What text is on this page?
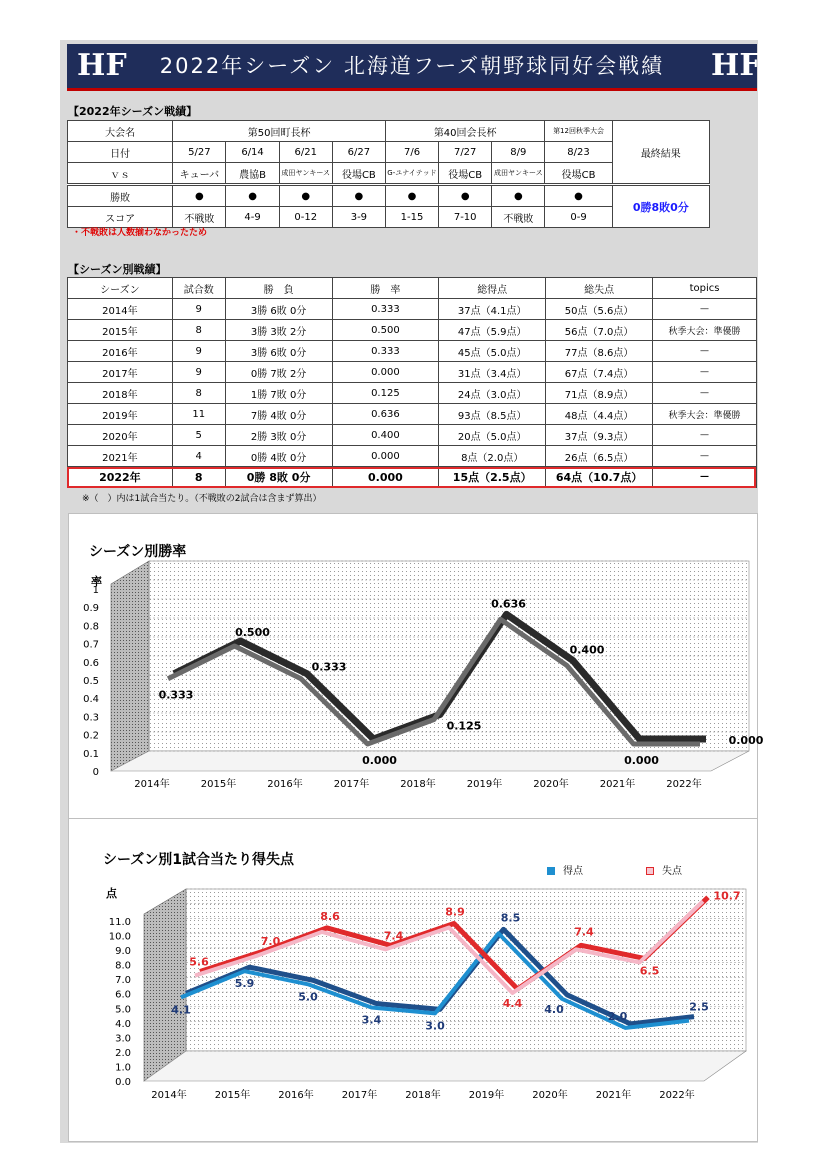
HF	2022年シーズン 北海道フーズ朝野球同好会戦績	HF
【2022年シーズン戦績】
大会名	第50回町長杯				第40回会長杯			第12回秋季大会	最終結果
日付	5/27	6/14	6/21	6/27	7/6	7/27	8/9	8/23	
ｖｓ	キューバ	農協B	成田ヤンキース	役場CB	G-ユナイテッド	役場CB	成田ヤンキース	役場CB	
勝敗	●	●	●	●	●	●	●	●	0勝8敗0分
スコア	不戦敗	4-9	0-12	3-9	1-15	7-10	不戦敗	0-9	
・不戦敗は人数揃わなかったため
【シーズン別戦績】
シーズン	試合数	勝　負	勝　率	総得点	総失点	topics
2014年	9	3勝 6敗 0分	0.333	37点（4.1点）	50点（5.6点）	—
2015年	8	3勝 3敗 2分	0.500	47点（5.9点）	56点（7.0点）	秋季大会：準優勝
2016年	9	3勝 6敗 0分	0.333	45点（5.0点）	77点（8.6点）	—
2017年	9	0勝 7敗 2分	0.000	31点（3.4点）	67点（7.4点）	—
2018年	8	1勝 7敗 0分	0.125	24点（3.0点）	71点（8.9点）	—
2019年	11	7勝 4敗 0分	0.636	93点（8.5点）	48点（4.4点）	秋季大会：準優勝
2020年	5	2勝 3敗 0分	0.400	20点（5.0点）	37点（9.3点）	—
2021年	4	0勝 4敗 0分	0.000	8点（2.0点）	26点（6.5点）	—
2022年	8	0勝 8敗 0分	0.000	15点（2.5点）	64点（10.7点）	—
※（　）内は1試合当たり。（不戦敗の2試合は含まず算出）
シーズン別勝率
率
0
0.1
0.2
0.3
0.4
0.5
0.6
0.7
0.8
0.9
1
2014年	2015年	2016年	2017年	2018年	2019年	2020年	2021年	2022年
0.333
0.500
0.333
0.000
0.125
0.636
0.400
0.000
0.000
シーズン別1試合当たり得失点
点
0.0
1.0
2.0
3.0
4.0
5.0
6.0
7.0
8.0
9.0
10.0
11.0
2014年	2015年	2016年	2017年	2018年	2019年	2020年	2021年	2022年
4.1
5.9
5.0
3.4	3.0
8.5
4.0
2.0
2.5
5.6
7.0
8.6
7.4
8.9
4.4
7.4
6.5
10.7
得点	失点
